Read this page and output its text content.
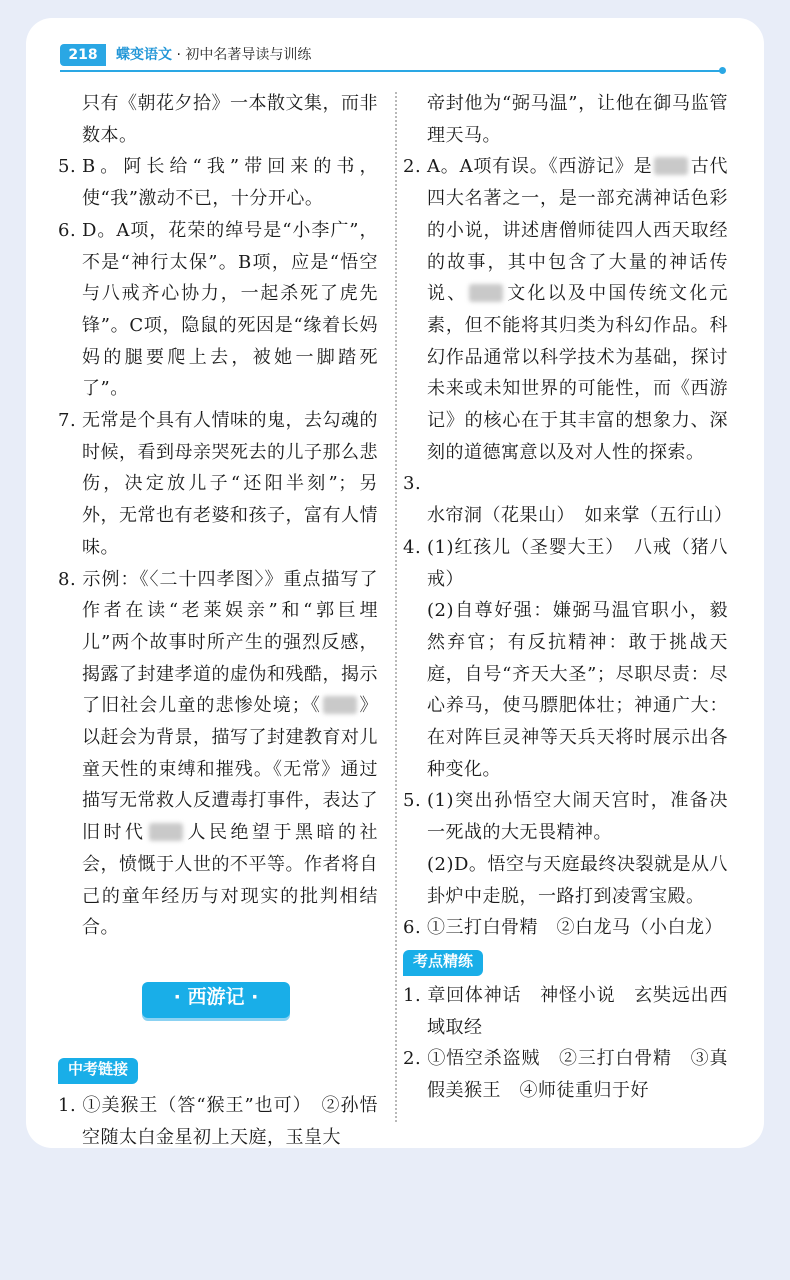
218	蝶变语文 · 初中名著导读与训练

只有《朝花夕拾》一本散文集，而非数本。

5. B。阿长给“我”带回来的书，使“我”激动不已，十分开心。

6. D。A项，花荣的绰号是“小李广”，不是“神行太保”。B项，应是“悟空与八戒齐心协力，一起杀死了虎先锋”。C项，隐鼠的死因是“缘着长妈妈的腿要爬上去，被她一脚踏死了”。

7. 无常是个具有人情味的鬼，去勾魂的时候，看到母亲哭死去的儿子那么悲伤，决定放儿子“还阳半刻”；另外，无常也有老婆和孩子，富有人情味。

8. 示例：《〈二十四孝图〉》重点描写了作者在读“老莱娱亲”和“郭巨埋儿”两个故事时所产生的强烈反感，揭露了封建孝道的虚伪和残酷，揭示了旧社会儿童的悲惨处境；《 》以赶会为背景，描写了封建教育对儿童天性的束缚和摧残。《无常》通过描写无常救人反遭毒打事件，表达了旧时代 人民绝望于黑暗的社会，愤慨于人世的不平等。作者将自己的童年经历与对现实的批判相结合。

· 西游记 ·
中考链接

1. ①美猴王（答“猴王”也可）　②孙悟空随太白金星初上天庭，玉皇大

帝封他为“弼马温”，让他在御马监管理天马。

2. A。A项有误。《西游记》是 古代四大名著之一，是一部充满神话色彩的小说，讲述唐僧师徒四人西天取经的故事，其中包含了大量的神话传说、 文化以及中国传统文化元素，但不能将其归类为科幻作品。科幻作品通常以科学技术为基础，探讨未来或未知世界的可能性，而《西游记》的核心在于其丰富的想象力、深刻的道德寓意以及对人性的探索。

3.水帘洞（花果山）　如来掌（五行山）

4. (1)红孩儿（圣婴大王）　八戒（猪八戒）

(2)自尊好强：嫌弼马温官职小，毅然弃官；有反抗精神：敢于挑战天庭，自号“齐天大圣”；尽职尽责：尽心养马，使马膘肥体壮；神通广大：在对阵巨灵神等天兵天将时展示出各种变化。

5. (1)突出孙悟空大闹天宫时，准备决一死战的大无畏精神。

(2)D。悟空与天庭最终决裂就是从八卦炉中走脱，一路打到凌霄宝殿。

6. ①三打白骨精　②白龙马（小白龙）

考点精练

1. 章回体神话　神怪小说　玄奘远出西域取经

2. ①悟空杀盗贼　②三打白骨精　③真假美猴王　④师徒重归于好
